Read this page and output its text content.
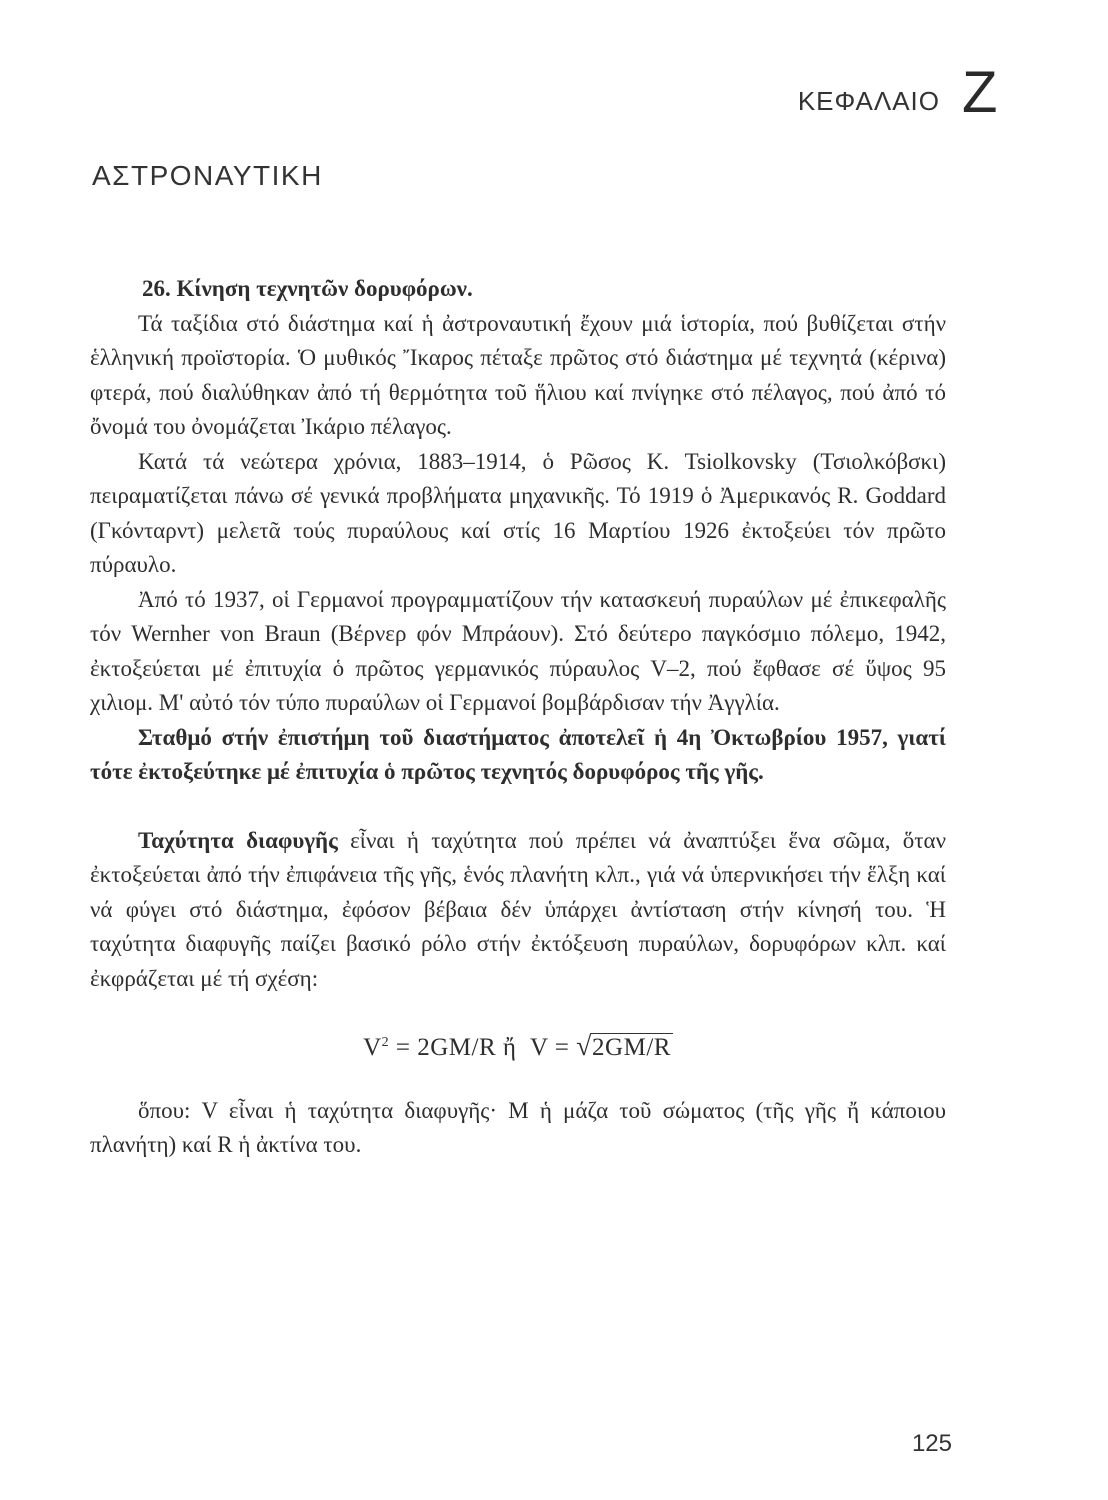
ΚΕΦΑΛΑΙΟ Z
ΑΣΤΡΟΝΑΥΤΙΚΗ

26. Κίνηση τεχνητῶν δορυφόρων.

Τά ταξίδια στό διάστημα καί ἡ ἀστροναυτική ἔχουν μιά ἱστορία, πού βυθίζεται στήν ἑλληνική προϊστορία. Ὁ μυθικός Ἴκαρος πέταξε πρῶτος στό διάστημα μέ τεχνητά (κέρινα) φτερά, πού διαλύθηκαν ἀπό τή θερμότητα τοῦ ἥλιου καί πνίγηκε στό πέλαγος, πού ἀπό τό ὄνομά του ὀνομάζεται Ἰκάριο πέλαγος.

Κατά τά νεώτερα χρόνια, 1883–1914, ὁ Ρῶσος K. Tsiolkovsky (Τσιολκόβσκι) πειραματίζεται πάνω σέ γενικά προβλήματα μηχανικῆς. Τό 1919 ὁ Ἀμερικανός R. Goddard (Γκόνταρντ) μελετᾶ τούς πυραύλους καί στίς 16 Μαρτίου 1926 ἐκτοξεύει τόν πρῶτο πύραυλο.

Ἀπό τό 1937, οἱ Γερμανοί προγραμματίζουν τήν κατασκευή πυραύλων μέ ἐπικεφαλῆς τόν Wernher von Braun (Βέρνερ φόν Μπράουν). Στό δεύτερο παγκόσμιο πόλεμο, 1942, ἐκτοξεύεται μέ ἐπιτυχία ὁ πρῶτος γερμανικός πύραυλος V–2, πού ἔφθασε σέ ὕψος 95 χιλιομ. Μ' αὐτό τόν τύπο πυραύλων οἱ Γερμανοί βομβάρδισαν τήν Ἀγγλία.

Σταθμό στήν ἐπιστήμη τοῦ διαστήματος ἀποτελεῖ ἡ 4η Ὀκτωβρίου 1957, γιατί τότε ἐκτοξεύτηκε μέ ἐπιτυχία ὁ πρῶτος τεχνητός δορυφόρος τῆς γῆς.

Ταχύτητα διαφυγῆς εἶναι ἡ ταχύτητα πού πρέπει νά ἀναπτύξει ἕνα σῶμα, ὅταν ἐκτοξεύεται ἀπό τήν ἐπιφάνεια τῆς γῆς, ἑνός πλανήτη κλπ., γιά νά ὑπερνικήσει τήν ἕλξη καί νά φύγει στό διάστημα, ἐφόσον βέβαια δέν ὑπάρχει ἀντίσταση στήν κίνησή του. Ἡ ταχύτητα διαφυγῆς παίζει βασικό ρόλο στήν ἐκτόξευση πυραύλων, δορυφόρων κλπ. καί ἐκφράζεται μέ τή σχέση:

$V^2 = 2GM/R$ ἤ  V = √2GM/R

ὅπου: V εἶναι ἡ ταχύτητα διαφυγῆς· M ἡ μάζα τοῦ σώματος (τῆς γῆς ἤ κάποιου πλανήτη) καί R ἡ ἀκτίνα του.

125
